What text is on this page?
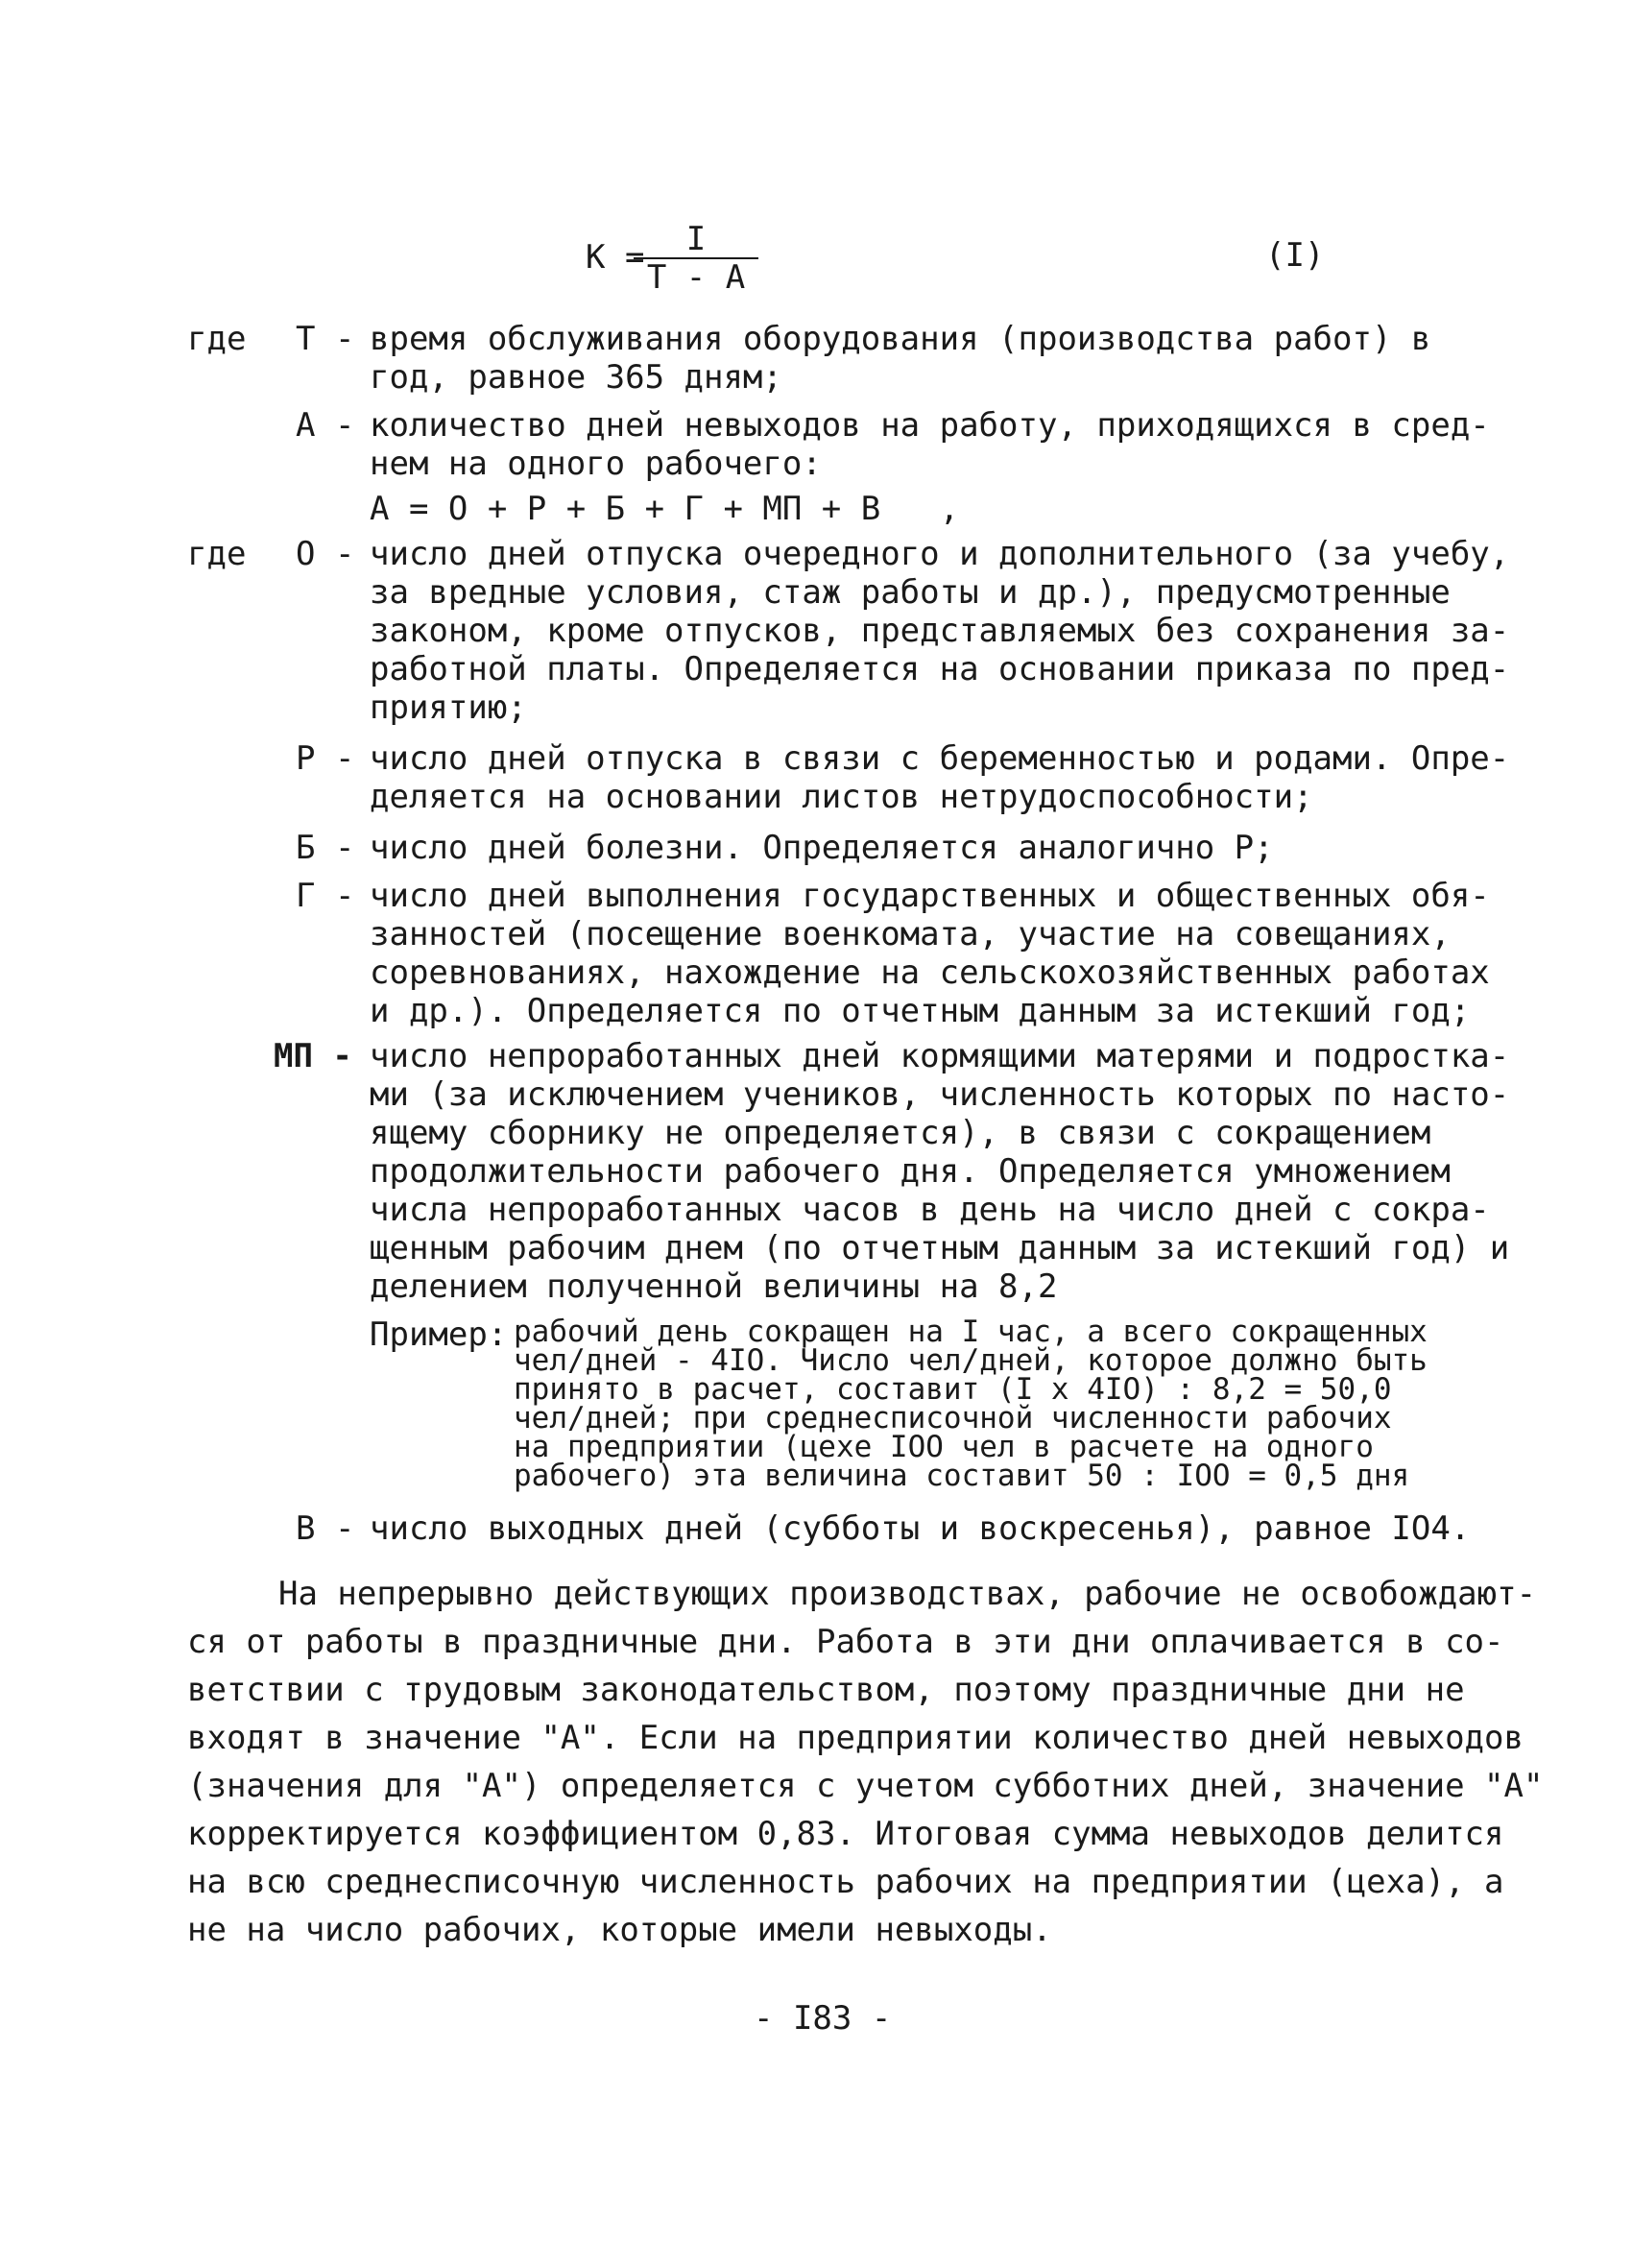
К =	I
Т - А
(I)
где Т - время обслуживания оборудования (производства работ) в
год, равное 365 дням;
А - количество дней невыходов на работу, приходящихся в сред-
нем на одного рабочего:
А = О + Р + Б + Г + МП + В   ,
где О - число дней отпуска очередного и дополнительного (за учебу,
за вредные условия, стаж работы и др.), предусмотренные
законом, кроме отпусков, представляемых без сохранения за-
работной платы. Определяется на основании приказа по пред-
приятию;
Р - число дней отпуска в связи с беременностью и родами. Опре-
деляется на основании листов нетрудоспособности;
Б - число дней болезни. Определяется аналогично Р;
Г - число дней выполнения государственных и общественных обя-
занностей (посещение военкомата, участие на совещаниях,
соревнованиях, нахождение на сельскохозяйственных работах
и др.). Определяется по отчетным данным за истекший год;
МП - число непроработанных дней кормящими матерями и подростка-
ми (за исключением учеников, численность которых по насто-
ящему сборнику не определяется), в связи с сокращением
продолжительности рабочего дня. Определяется умножением
числа непроработанных часов в день на число дней с сокра-
щенным рабочим днем (по отчетным данным за истекший год) и
делением полученной величины на 8,2
Пример: рабочий день сокращен на I час, а всего сокращенных
чел/дней - 4IO. Число чел/дней, которое должно быть
принято в расчет, составит (I х 4IO) : 8,2 = 50,0
чел/дней; при среднесписочной численности рабочих
на предприятии (цехе IOO чел в расчете на одного
рабочего) эта величина составит 50 : IOO = 0,5 дня
В - число выходных дней (субботы и воскресенья), равное IO4.
На непрерывно действующих производствах, рабочие не освобождают-
ся от работы в праздничные дни. Работа в эти дни оплачивается в со-
ветствии с трудовым законодательством, поэтому праздничные дни не
входят в значение "А". Если на предприятии количество дней невыходов
(значения для "А") определяется с учетом субботних дней, значение "А"
корректируется коэффициентом 0,83. Итоговая сумма невыходов делится
на всю среднесписочную численность рабочих на предприятии (цеха), а
не на число рабочих, которые имели невыходы.
- I83 -
